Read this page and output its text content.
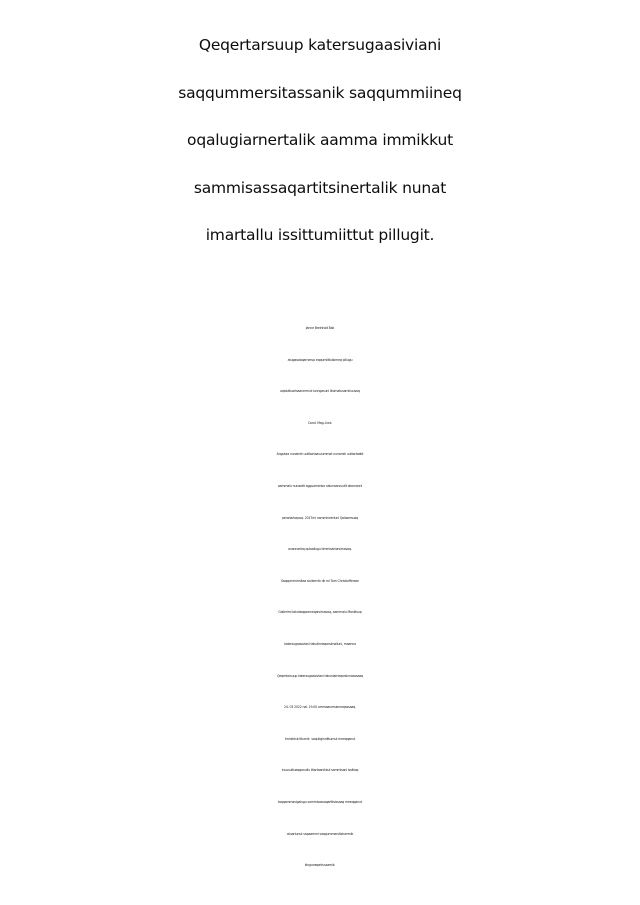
Qeqertarsuup katersugaasiviani
saqqummersitassanik saqqummiineq
oqalugiarnertalik aamma immikkut
sammisassaqartitsinertalik nunat
imartallu issittumiittut pillugit.
Janne Breinholt Bak
atugassiaqarnerup eqqumiittuliorneq pillugu
oqaluttuarisaanermut tunngasuni ilisimatusarnikuuvoq
Cand. Mag.-lluni.
Angutaa nunamik uutttortaasuummat nunamik uuttortaatit
aammalu nunaatit agguarnerisa nalunaarsuutit akornanni
peroriartorpoq. 2017mi nammineerluni Qalasersuaq
avannarleq qulaallugu timmisartorsimavoq.
Saqqummersitaa siullermik dk mi Tom Christorffersen
Gallerimi takuteqqaarneqarsimavoq, aammalu Maniitsup
katersugaasiviani takutinneqarsimalluni, maanna
Qeqertarsuup katersugaasiviani takuniarneqarsinnaassaaq
24. 03 2022 nal. 19.00 ammaanersiorneqassaaq.
Immikkut ittumik  soqutiginnittumut meeqqanut
inuusuttuaqqanullu titartaanikkut sammisani issittoq
toqqammavigalugu sammisassaqartitsissaaq meeqqanut
atuartunut sapaammi saqqummersitsinermik
kinguneqartussamik.
